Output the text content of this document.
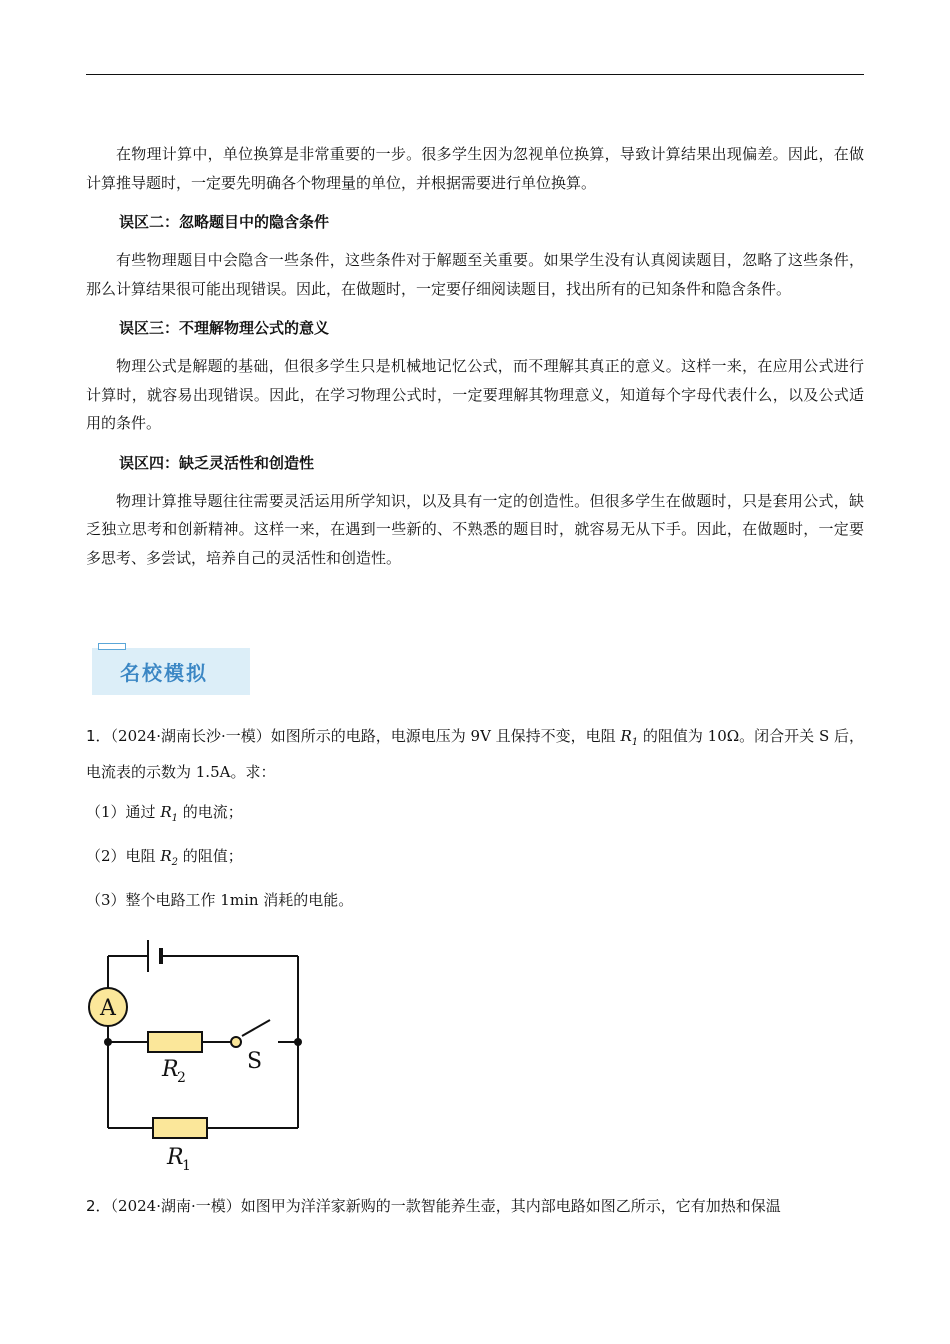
在物理计算中，单位换算是非常重要的一步。很多学生因为忽视单位换算，导致计算结果出现偏差。因此，在做计算推导题时，一定要先明确各个物理量的单位，并根据需要进行单位换算。

误区二：忽略题目中的隐含条件

有些物理题目中会隐含一些条件，这些条件对于解题至关重要。如果学生没有认真阅读题目，忽略了这些条件，那么计算结果很可能出现错误。因此，在做题时，一定要仔细阅读题目，找出所有的已知条件和隐含条件。

误区三：不理解物理公式的意义

物理公式是解题的基础，但很多学生只是机械地记忆公式，而不理解其真正的意义。这样一来，在应用公式进行计算时，就容易出现错误。因此，在学习物理公式时，一定要理解其物理意义，知道每个字母代表什么，以及公式适用的条件。

误区四：缺乏灵活性和创造性

物理计算推导题往往需要灵活运用所学知识，以及具有一定的创造性。但很多学生在做题时，只是套用公式，缺乏独立思考和创新精神。这样一来，在遇到一些新的、不熟悉的题目时，就容易无从下手。因此，在做题时，一定要多思考、多尝试，培养自己的灵活性和创造性。

名校模拟
1．（2024·湖南长沙·一模）如图所示的电路，电源电压为 9V 且保持不变，电阻 $R_1$ 的阻值为 10Ω。闭合开关 S 后，电流表的示数为 1.5A。求：
（1）通过 $R_1$ 的电流；
（2）电阻 $R_2$ 的阻值；
（3）整个电路工作 1min 消耗的电能。
A
S
R
2
R
1
2．（2024·湖南·一模）如图甲为洋洋家新购的一款智能养生壶，其内部电路如图乙所示，它有加热和保温
